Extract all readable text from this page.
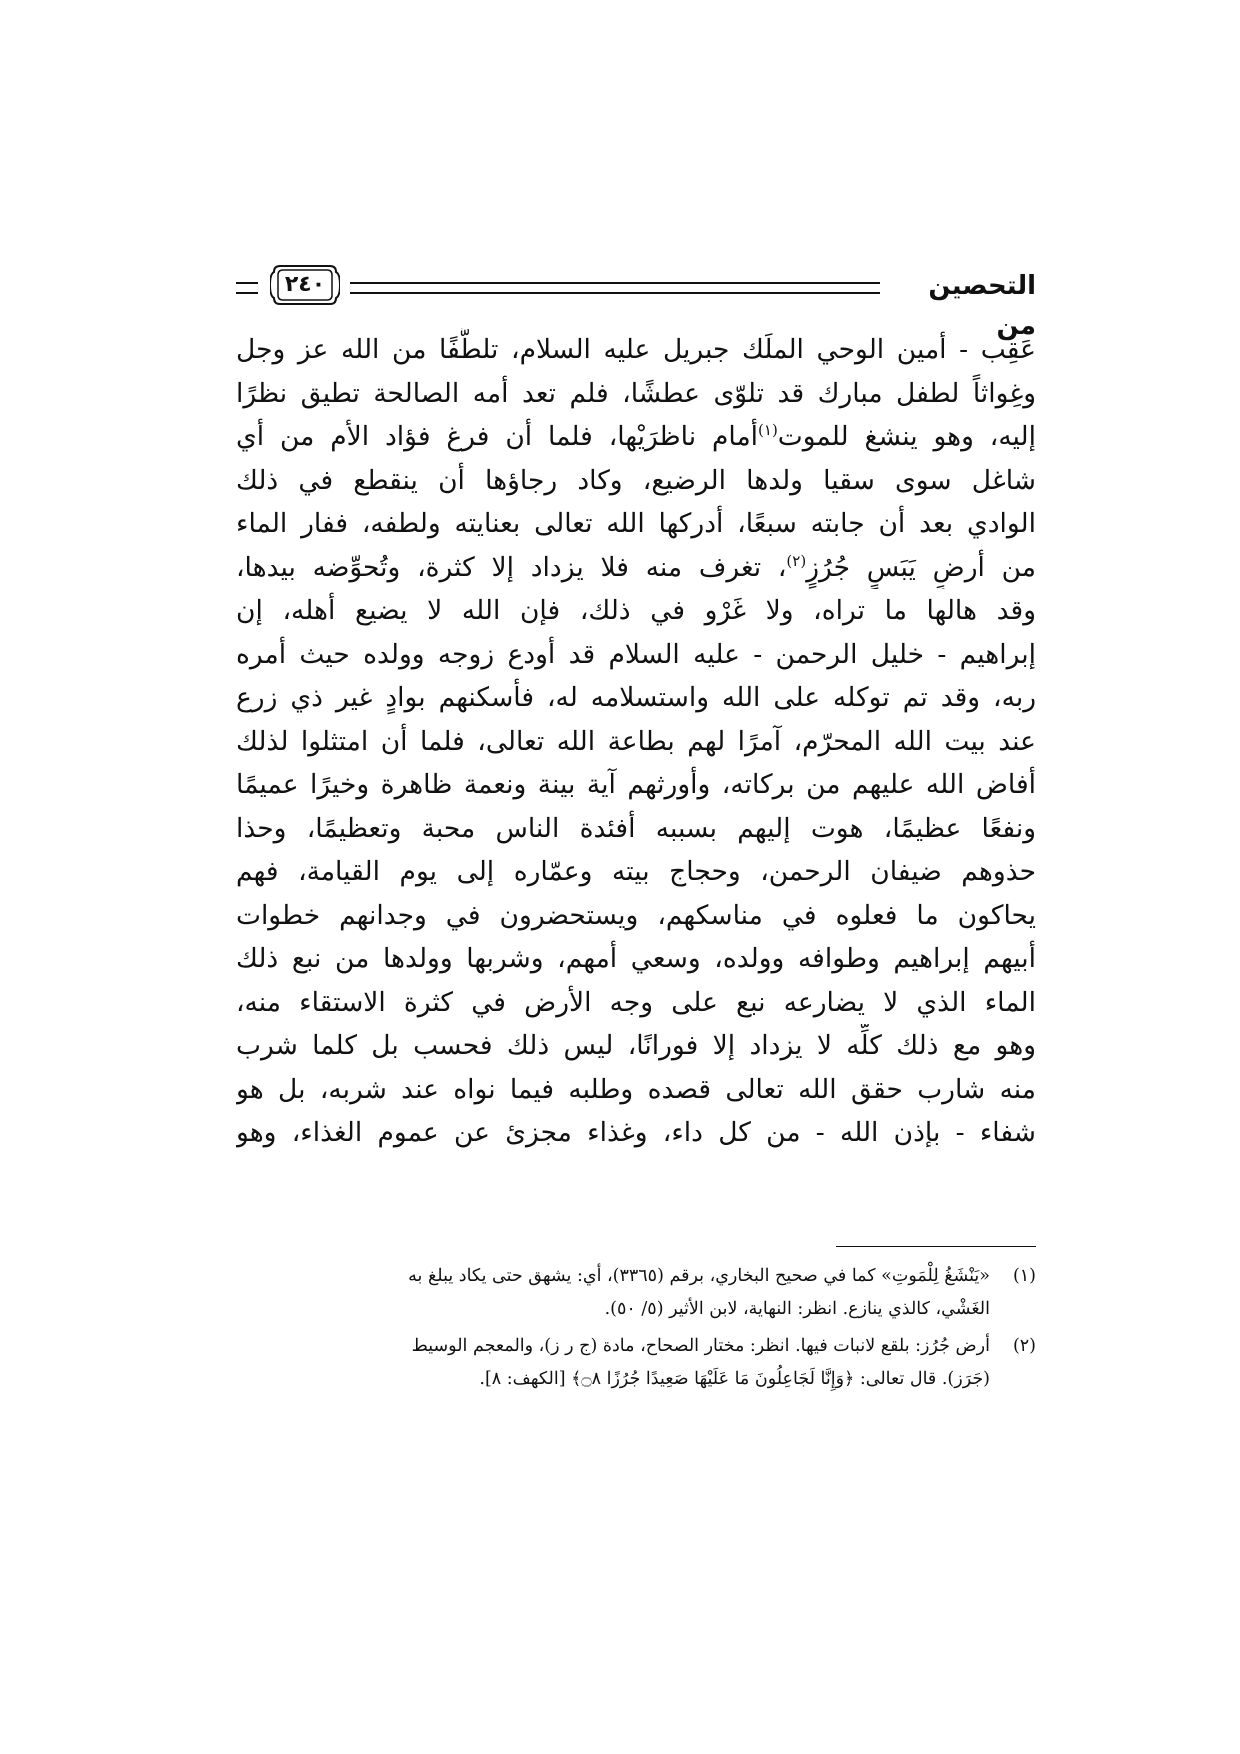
٢٤٠	التحصين من
عَقِب - أمين الوحي الملَك جبريل عليه السلام، تلطُّفًا من الله عز وجل
وغِواثاً لطفل مبارك قد تلوّى عطشًا، فلم تعد أمه الصالحة تطيق نظرًا
إليه، وهو ينشغ للموت$^{(١)}$أمام ناظرَيْها، فلما أن فرغ فؤاد الأم من أي
شاغل سوى سقيا ولدها الرضيع، وكاد رجاؤها أن ينقطع في ذلك
الوادي بعد أن جابته سبعًا، أدركها الله تعالى بعنايته ولطفه، ففار الماء
من أرضٍ يَبَسٍ جُرُزٍ$^{(٢)}$، تغرف منه فلا يزداد إلا كثرة، وتُحوِّضه بيدها،
وقد هالها ما تراه، ولا غَرْو في ذلك، فإن الله لا يضيع أهله، إن
إبراهيم - خليل الرحمن - عليه السلام قد أودع زوجه وولده حيث أمره
ربه، وقد تم توكله على الله واستسلامه له، فأسكنهم بوادٍ غير ذي زرع
عند بيت الله المحرّم، آمرًا لهم بطاعة الله تعالى، فلما أن امتثلوا لذلك
أفاض الله عليهم من بركاته، وأورثهم آية بينة ونعمة ظاهرة وخيرًا عميمًا
ونفعًا عظيمًا، هوت إليهم بسببه أفئدة الناس محبة وتعظيمًا، وحذا
حذوهم ضيفان الرحمن، وحجاج بيته وعمّاره إلى يوم القيامة، فهم
يحاكون ما فعلوه في مناسكهم، ويستحضرون في وجدانهم خطوات
أبيهم إبراهيم وطوافه وولده، وسعي أمهم، وشربها وولدها من نبع ذلك
الماء الذي لا يضارعه نبع على وجه الأرض في كثرة الاستقاء منه،
وهو مع ذلك كلِّه لا يزداد إلا فورانًا، ليس ذلك فحسب بل كلما شرب
منه شارب حقق الله تعالى قصده وطلبه فيما نواه عند شربه، بل هو
شفاء - بإذن الله - من كل داء، وغذاء مجزئ عن عموم الغذاء، وهو
(١)
«يَنْشَغُ لِلْمَوتِ» كما في صحيح البخاري، برقم (٣٣٦٥)، أي: يشهق حتى يكاد يبلغ به
الغَشْي، كالذي ينازع. انظر: النهاية، لابن الأثير (٥/ ٥٠).
(٢)
أرض جُرُز: بلقع لانبات فيها. انظر: مختار الصحاح، مادة (ج ر ز)، والمعجم الوسيط
(جَرَز). قال تعالى: ﴿وَإِنَّا لَجَاعِلُونَ مَا عَلَيْهَا صَعِيدًا جُرُزًا ۝٨﴾ [الكهف: ٨].
